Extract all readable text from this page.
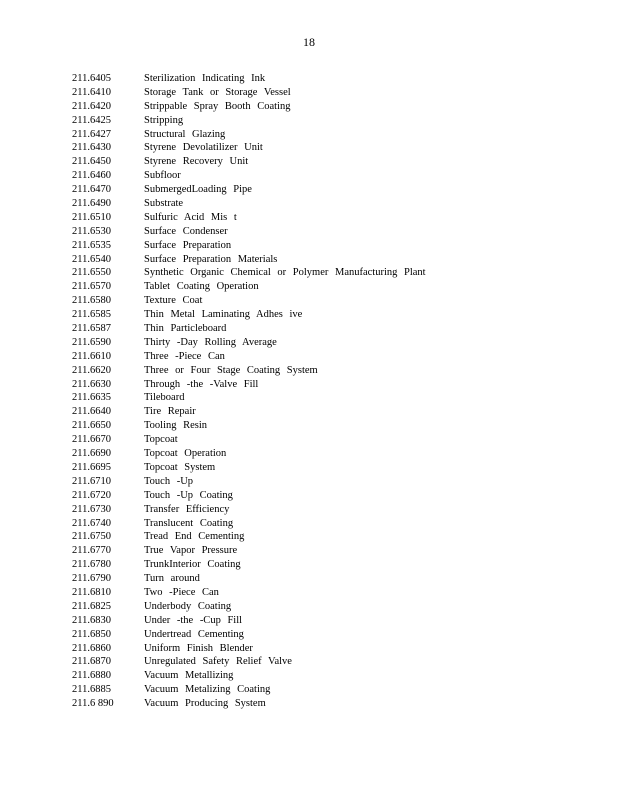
18
211.6405	Sterilization Indicating Ink
211.6410	Storage Tank or Storage Vessel
211.6420	Strippable Spray Booth Coating
211.6425	Stripping
211.6427	Structural Glazing
211.6430	Styrene Devolatilizer Unit
211.6450	Styrene Recovery Unit
211.6460	Subfloor
211.6470	SubmergedLoading Pipe
211.6490	Substrate
211.6510	Sulfuric Acid Mis t
211.6530	Surface Condenser
211.6535	Surface Preparation
211.6540	Surface Preparation Materials
211.6550	Synthetic Organic Chemical or Polymer Manufacturing Plant
211.6570	Tablet Coating Operation
211.6580	Texture Coat
211.6585	Thin Metal Laminating Adhes ive
211.6587	Thin Particleboard
211.6590	Thirty -Day Rolling Average
211.6610	Three -Piece Can
211.6620	Three or Four Stage Coating System
211.6630	Through -the -Valve Fill
211.6635	Tileboard
211.6640	Tire Repair
211.6650	Tooling Resin
211.6670	Topcoat
211.6690	Topcoat Operation
211.6695	Topcoat System
211.6710	Touch -Up
211.6720	Touch -Up Coating
211.6730	Transfer Efficiency
211.6740	Translucent Coating
211.6750	Tread End Cementing
211.6770	True Vapor Pressure
211.6780	TrunkInterior Coating
211.6790	Turn around
211.6810	Two -Piece Can
211.6825	Underbody Coating
211.6830	Under -the -Cup Fill
211.6850	Undertread Cementing
211.6860	Uniform Finish Blender
211.6870	Unregulated Safety Relief Valve
211.6880	Vacuum Metallizing
211.6885	Vacuum Metalizing Coating
211.6 890	Vacuum Producing System
